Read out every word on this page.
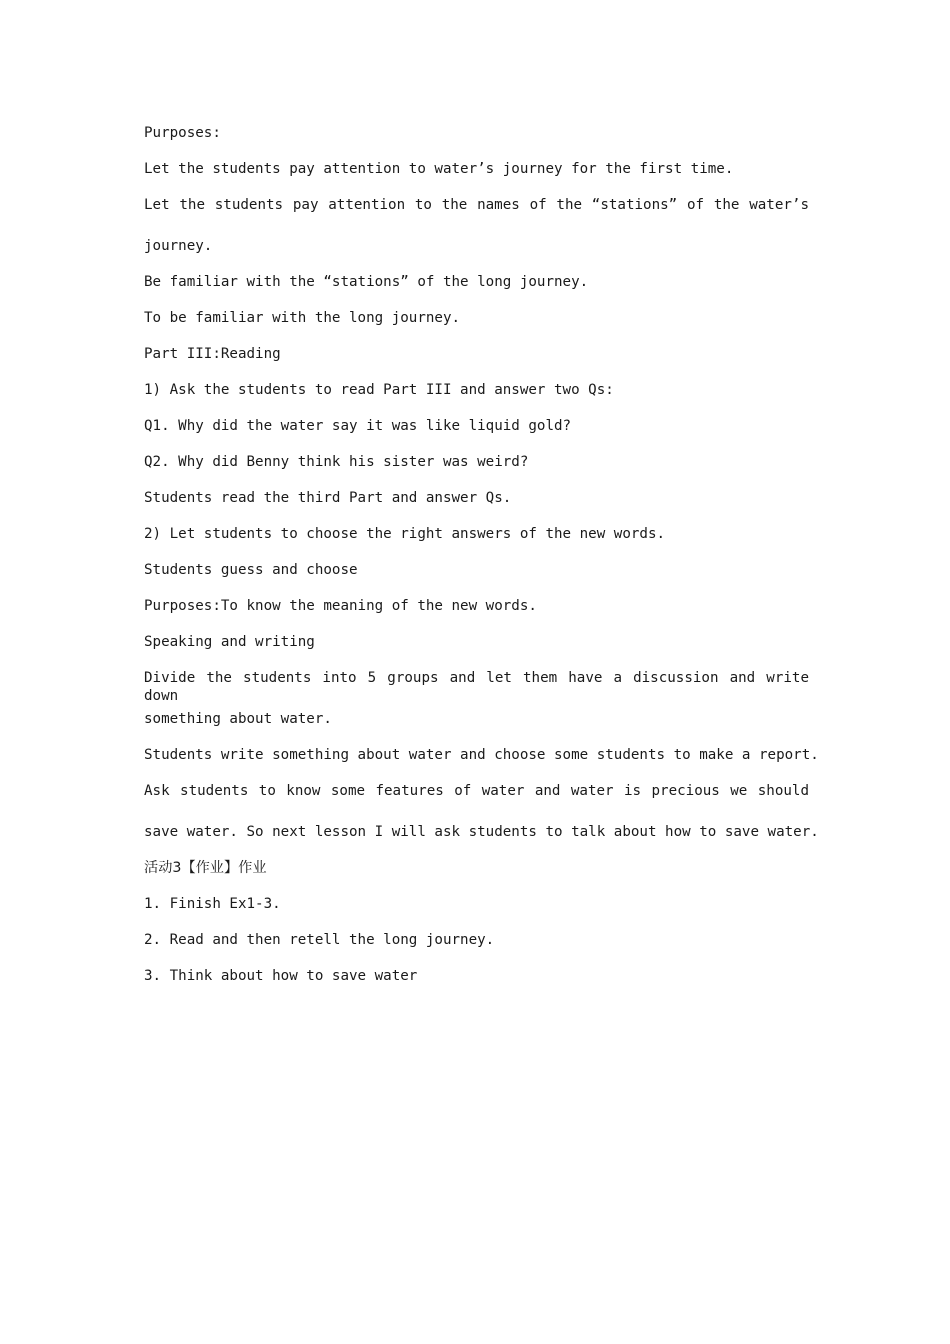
Purposes:
Let the students pay attention to water’s journey for the first time.
Let the students pay attention to the names of the “stations” of the water’s
journey.
Be familiar with the “stations” of the long journey.
To be familiar with the long journey.
Part III:Reading
1) Ask the students to read Part III and answer two Qs:
Q1. Why did the water say it was like liquid gold?
Q2. Why did Benny think his sister was weird?
Students read the third Part and answer Qs.
2) Let students to choose the right answers of the new words.
Students guess and choose
Purposes:To know the meaning of the new words.
Speaking and writing
Divide the students into 5 groups and let them have a discussion and write down
something about water.
Students write something about water and choose some students to make a report.
Ask students to know some features of water and water is precious we should
save water. So next lesson I will ask students to talk about how to save water.
活动3【作业】作业
1. Finish Ex1-3.
2. Read and then retell the long journey.
3. Think about how to save water
